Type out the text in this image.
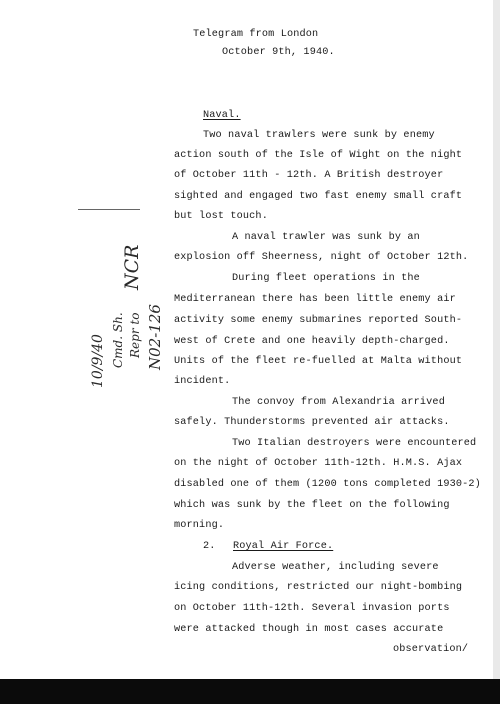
Telegram from London
October 9th, 1940.
Naval.
Two naval trawlers were sunk by enemy
action south of the Isle of Wight on the night
of October 11th - 12th. A British destroyer
sighted and engaged two fast enemy small craft
but lost touch.
A naval trawler was sunk by an
explosion off Sheerness, night of October 12th.
During fleet operations in the
Mediterranean there has been little enemy air
activity some enemy submarines reported South-
west of Crete and one heavily depth-charged.
Units of the fleet re-fuelled at Malta without
incident.
The convoy from Alexandria arrived
safely. Thunderstorms prevented air attacks.
Two Italian destroyers were encountered
on the night of October 11th-12th. H.M.S. Ajax
disabled one of them (1200 tons completed 1930-2)
which was sunk by the fleet on the following
morning.
2. Royal Air Force.
Adverse weather, including severe
icing conditions, restricted our night-bombing
on October 11th-12th. Several invasion ports
were attacked though in most cases accurate
observation/
NCR
N02-126
Repr to
Cmd. Sh.
10/9/40
